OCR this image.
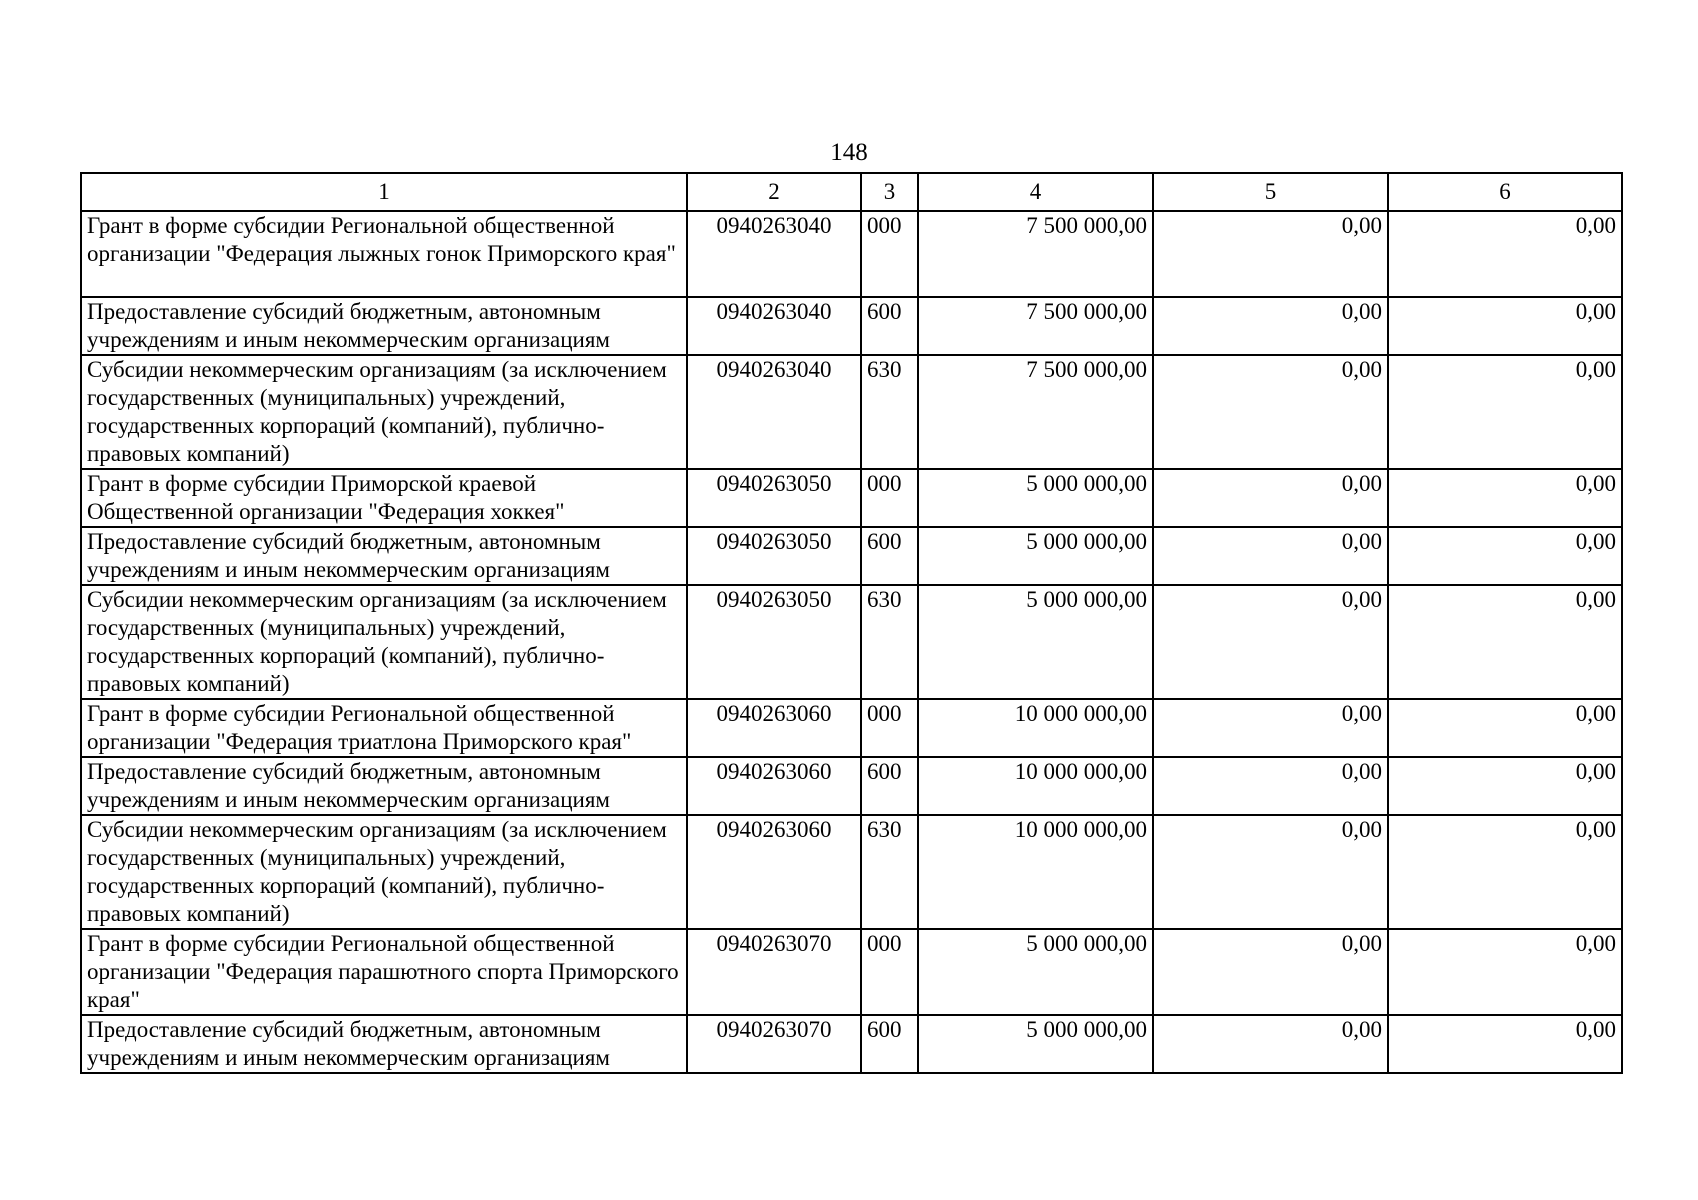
148
1	2	3	4	5	6
Грант в форме субсидии Региональной общественной организации "Федерация лыжных гонок Приморского края"	0940263040	000	7 500 000,00	0,00	0,00
Предоставление субсидий бюджетным, автономным учреждениям и иным некоммерческим организациям	0940263040	600	7 500 000,00	0,00	0,00
Субсидии некоммерческим организациям (за исключением государственных (муниципальных) учреждений, государственных корпораций (компаний), публично-правовых компаний)	0940263040	630	7 500 000,00	0,00	0,00
Грант в форме субсидии Приморской краевой Общественной организации "Федерация хоккея"	0940263050	000	5 000 000,00	0,00	0,00
Предоставление субсидий бюджетным, автономным учреждениям и иным некоммерческим организациям	0940263050	600	5 000 000,00	0,00	0,00
Субсидии некоммерческим организациям (за исключением государственных (муниципальных) учреждений, государственных корпораций (компаний), публично-правовых компаний)	0940263050	630	5 000 000,00	0,00	0,00
Грант в форме субсидии Региональной общественной организации "Федерация триатлона Приморского края"	0940263060	000	10 000 000,00	0,00	0,00
Предоставление субсидий бюджетным, автономным учреждениям и иным некоммерческим организациям	0940263060	600	10 000 000,00	0,00	0,00
Субсидии некоммерческим организациям (за исключением государственных (муниципальных) учреждений, государственных корпораций (компаний), публично-правовых компаний)	0940263060	630	10 000 000,00	0,00	0,00
Грант в форме субсидии Региональной общественной организации "Федерация парашютного спорта Приморского края"	0940263070	000	5 000 000,00	0,00	0,00
Предоставление субсидий бюджетным, автономным учреждениям и иным некоммерческим организациям	0940263070	600	5 000 000,00	0,00	0,00
